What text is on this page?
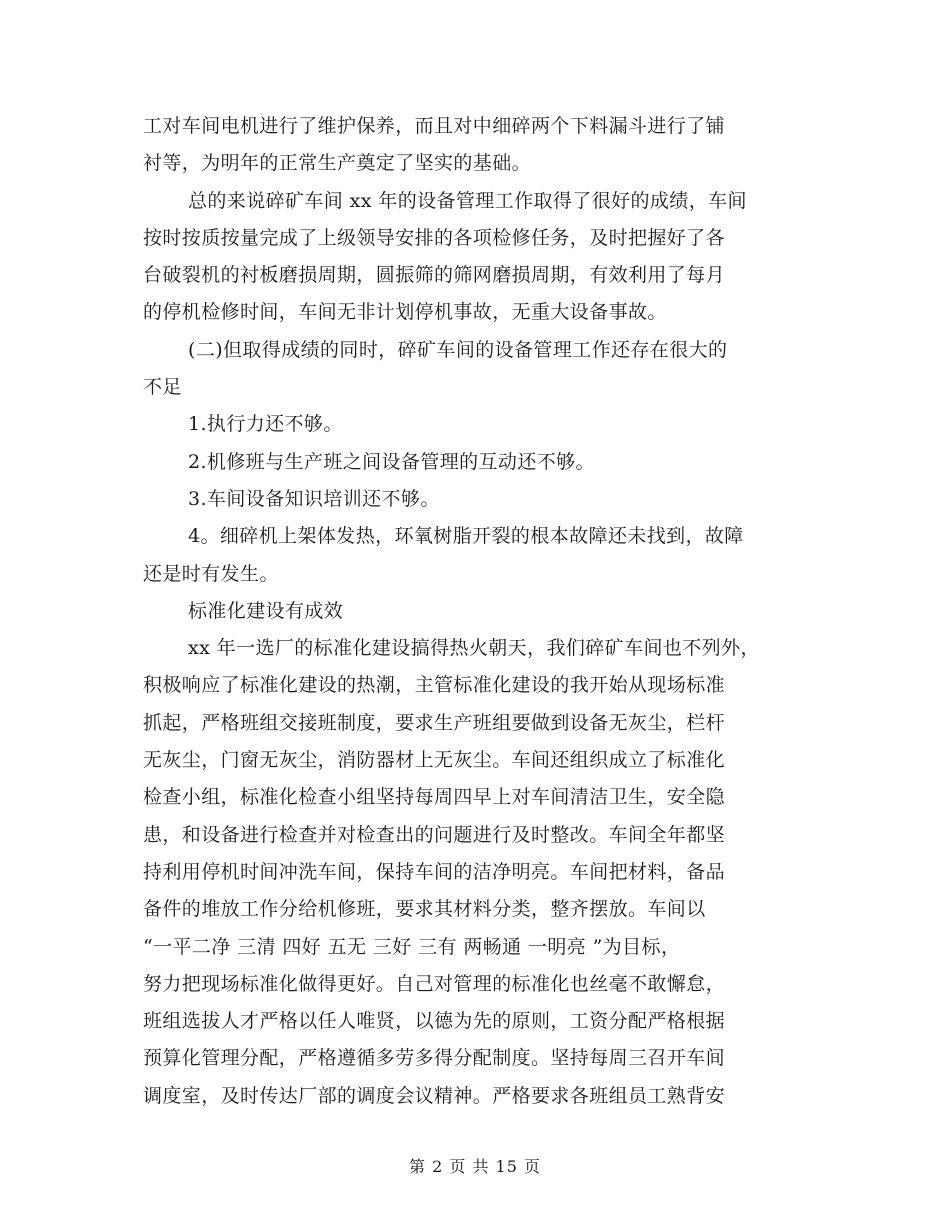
工对车间电机进行了维护保养，而且对中细碎两个下料漏斗进行了铺
衬等，为明年的正常生产奠定了坚实的基础。
总的来说碎矿车间 xx 年的设备管理工作取得了很好的成绩，车间
按时按质按量完成了上级领导安排的各项检修任务，及时把握好了各
台破裂机的衬板磨损周期，圆振筛的筛网磨损周期，有效利用了每月
的停机检修时间，车间无非计划停机事故，无重大设备事故。
(二)但取得成绩的同时，碎矿车间的设备管理工作还存在很大的
不足
1.执行力还不够。
2.机修班与生产班之间设备管理的互动还不够。
3.车间设备知识培训还不够。
4。细碎机上架体发热，环氧树脂开裂的根本故障还未找到，故障
还是时有发生。
标准化建设有成效
xx 年一选厂的标准化建设搞得热火朝天，我们碎矿车间也不列外，
积极响应了标准化建设的热潮，主管标准化建设的我开始从现场标准
抓起，严格班组交接班制度，要求生产班组要做到设备无灰尘，栏杆
无灰尘，门窗无灰尘，消防器材上无灰尘。车间还组织成立了标准化
检查小组，标准化检查小组坚持每周四早上对车间清洁卫生，安全隐
患，和设备进行检查并对检查出的问题进行及时整改。车间全年都坚
持利用停机时间冲洗车间，保持车间的洁净明亮。车间把材料，备品
备件的堆放工作分给机修班，要求其材料分类，整齐摆放。车间以
“一平二净 三清 四好 五无 三好 三有 两畅通 一明亮 ”为目标，
努力把现场标准化做得更好。自己对管理的标准化也丝毫不敢懈怠，
班组选拔人才严格以任人唯贤，以德为先的原则，工资分配严格根据
预算化管理分配，严格遵循多劳多得分配制度。坚持每周三召开车间
调度室，及时传达厂部的调度会议精神。严格要求各班组员工熟背安
第 2 页 共 15 页
